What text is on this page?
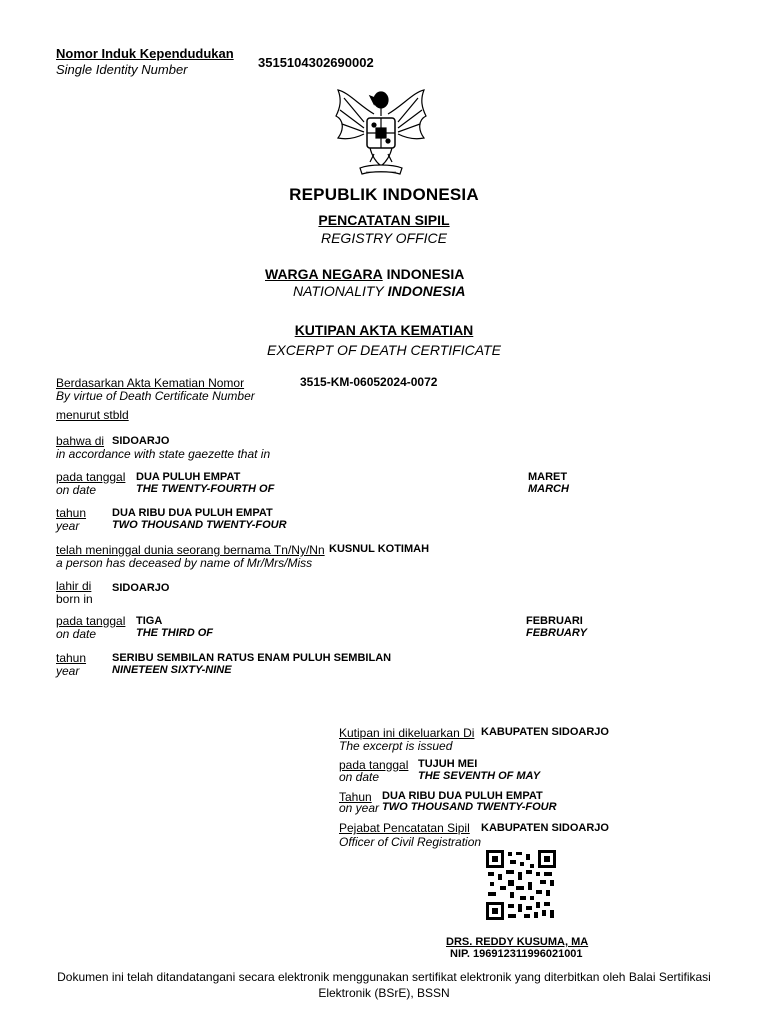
Nomor Induk Kependudukan
Single Identity Number	3515104302690002
REPUBLIK INDONESIA
PENCATATAN SIPIL
REGISTRY OFFICE
WARGA NEGARA INDONESIA
NATIONALITY INDONESIA
KUTIPAN AKTA KEMATIAN
EXCERPT OF DEATH CERTIFICATE
Berdasarkan Akta Kematian Nomor
By virtue of Death Certificate Number
3515-KM-06052024-0072
menurut stbld
bahwa di SIDOARJO
in accordance with state gaezette that in
pada tanggal
on date
DUA PULUH EMPAT
THE TWENTY-FOURTH OF
MARET
MARCH
tahun
year
DUA RIBU DUA PULUH EMPAT
TWO THOUSAND TWENTY-FOUR
telah meninggal dunia seorang bernama Tn/Ny/Nn KUSNUL KOTIMAH
a person has deceased by name of Mr/Mrs/Miss
lahir di
born in
SIDOARJO
pada tanggal
on date
TIGA
THE THIRD OF
FEBRUARI
FEBRUARY
tahun
year
SERIBU SEMBILAN RATUS ENAM PULUH SEMBILAN
NINETEEN SIXTY-NINE
Kutipan ini dikeluarkan Di
The excerpt is issued
KABUPATEN SIDOARJO
pada tanggal
on date
TUJUH MEI
THE SEVENTH OF MAY
Tahun
on year
DUA RIBU DUA PULUH EMPAT
TWO THOUSAND TWENTY-FOUR
Pejabat Pencatatan Sipil
Officer of Civil Registration
KABUPATEN SIDOARJO
DRS. REDDY KUSUMA, MA
NIP. 196912311996021001
Dokumen ini telah ditandatangani secara elektronik menggunakan sertifikat elektronik yang diterbitkan oleh Balai Sertifikasi
Elektronik (BSrE), BSSN
